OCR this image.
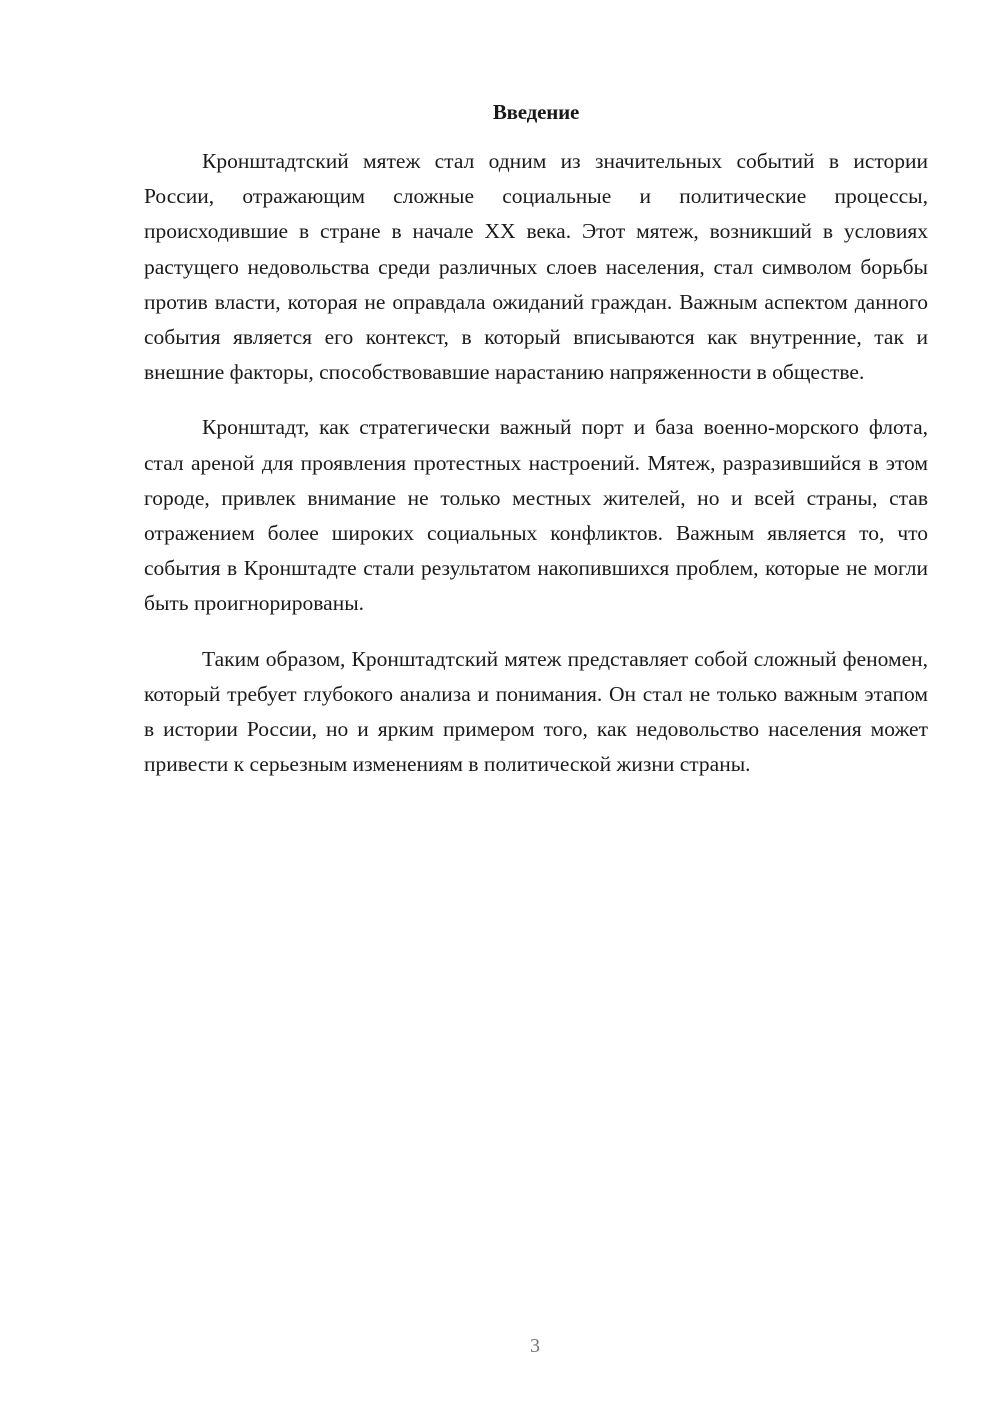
Введение

Кронштадтский мятеж стал одним из значительных событий в истории России, отражающим сложные социальные и политические процессы, происходившие в стране в начале XX века. Этот мятеж, возникший в условиях растущего недовольства среди различных слоев населения, стал символом борьбы против власти, которая не оправдала ожиданий граждан. Важным аспектом данного события является его контекст, в который вписываются как внутренние, так и внешние факторы, способствовавшие нарастанию напряженности в обществе.

Кронштадт, как стратегически важный порт и база военно-морского флота, стал ареной для проявления протестных настроений. Мятеж, разразившийся в этом городе, привлек внимание не только местных жителей, но и всей страны, став отражением более широких социальных конфликтов. Важным является то, что события в Кронштадте стали результатом накопившихся проблем, которые не могли быть проигнорированы.

Таким образом, Кронштадтский мятеж представляет собой сложный феномен, который требует глубокого анализа и понимания. Он стал не только важным этапом в истории России, но и ярким примером того, как недовольство населения может привести к серьезным изменениям в политической жизни страны.

3
